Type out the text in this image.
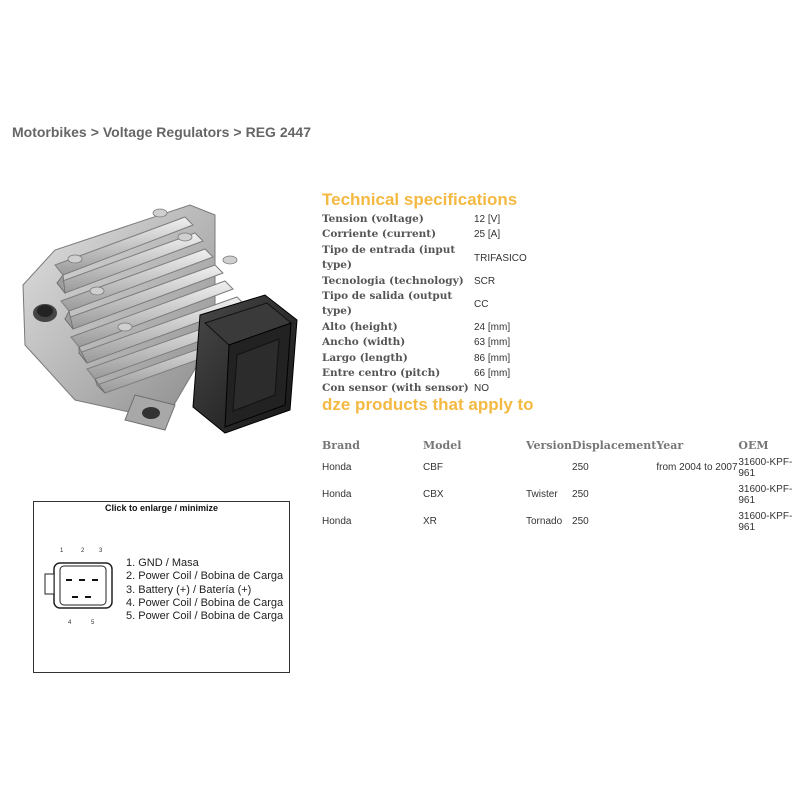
Motorbikes > Voltage Regulators > REG 2447
Technical specifications
Tension (voltage)	12 [V]
Corriente (current)	25 [A]
Tipo de entrada (input type)	TRIFASICO
Tecnologia (technology)	SCR
Tipo de salida (output type)	CC
Alto (height)	24 [mm]
Ancho (width)	63 [mm]
Largo (length)	86 [mm]
Entre centro (pitch)	66 [mm]
Con sensor (with sensor)	NO
dze products that apply to
Brand	Model	Version	Displacement	Year	OEM
Honda	CBF		250	from 2004 to 2007	31600-KPF-961
Honda	CBX	Twister	250		31600-KPF-961
Honda	XR	Tornado	250		31600-KPF-961
Click to enlarge / minimize
1	2 3
4	5
1. GND / Masa
2. Power Coil / Bobina de Carga
3. Battery (+) / Batería (+)
4. Power Coil / Bobina de Carga
5. Power Coil / Bobina de Carga
